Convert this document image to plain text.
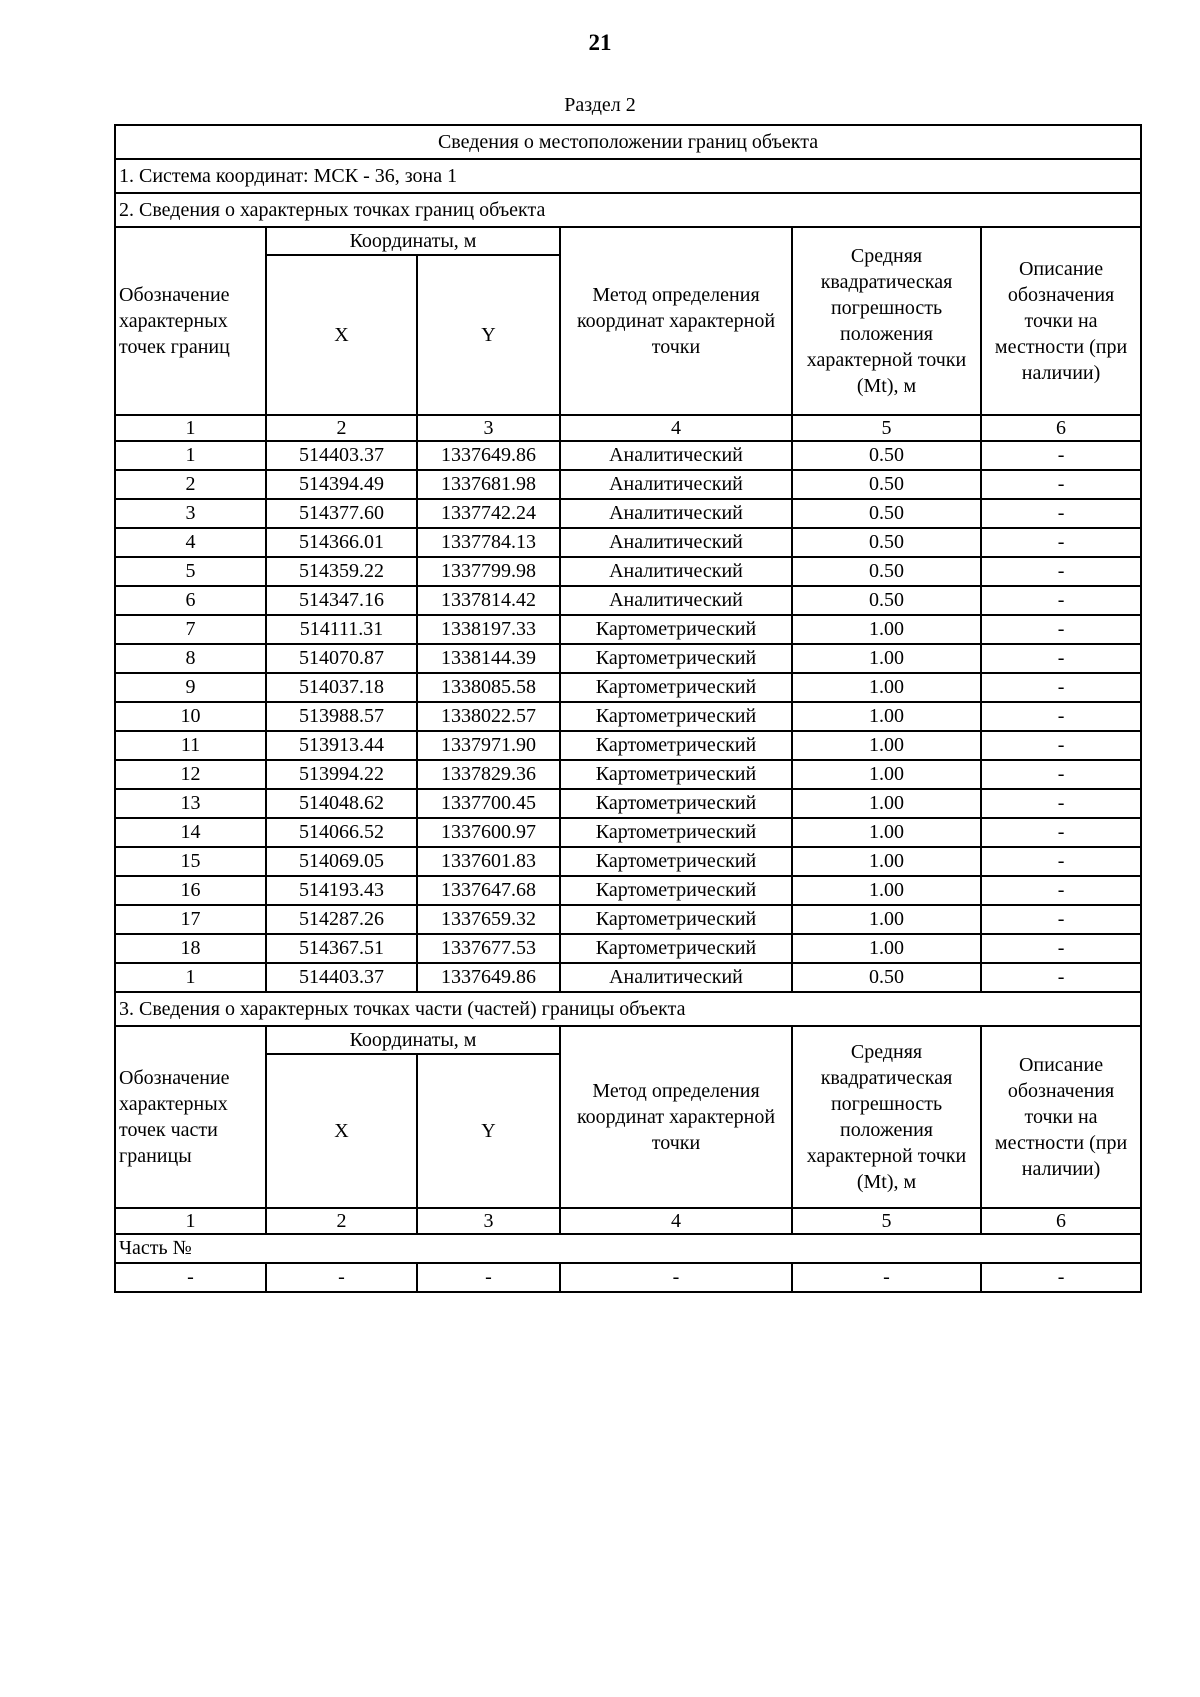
21
Раздел 2
Сведения о местоположении границ объекта					
1. Система координат: МСК - 36, зона 1					
2. Сведения о характерных точках границ объекта					
Обозначение характерных точек границ	Координаты, м		Метод определения координат характерной точки	Средняя квадратическая погрешность положения характерной точки (Mt), м	Описание обозначения точки на местности (при наличии)
	X	Y			
1	2	3	4	5	6
1	514403.37	1337649.86	Аналитический	0.50	-
2	514394.49	1337681.98	Аналитический	0.50	-
3	514377.60	1337742.24	Аналитический	0.50	-
4	514366.01	1337784.13	Аналитический	0.50	-
5	514359.22	1337799.98	Аналитический	0.50	-
6	514347.16	1337814.42	Аналитический	0.50	-
7	514111.31	1338197.33	Картометрический	1.00	-
8	514070.87	1338144.39	Картометрический	1.00	-
9	514037.18	1338085.58	Картометрический	1.00	-
10	513988.57	1338022.57	Картометрический	1.00	-
11	513913.44	1337971.90	Картометрический	1.00	-
12	513994.22	1337829.36	Картометрический	1.00	-
13	514048.62	1337700.45	Картометрический	1.00	-
14	514066.52	1337600.97	Картометрический	1.00	-
15	514069.05	1337601.83	Картометрический	1.00	-
16	514193.43	1337647.68	Картометрический	1.00	-
17	514287.26	1337659.32	Картометрический	1.00	-
18	514367.51	1337677.53	Картометрический	1.00	-
1	514403.37	1337649.86	Аналитический	0.50	-
3. Сведения о характерных точках части (частей) границы объекта					

Обозначение характерных точек части границы	Координаты, м		Метод определения координат характерной точки	Средняя квадратическая погрешность положения характерной точки (Mt), м	Описание обозначения точки на местности (при наличии)
	X	Y			
1	2	3	4	5	6
Часть №					
-	-	-	-	-	-
